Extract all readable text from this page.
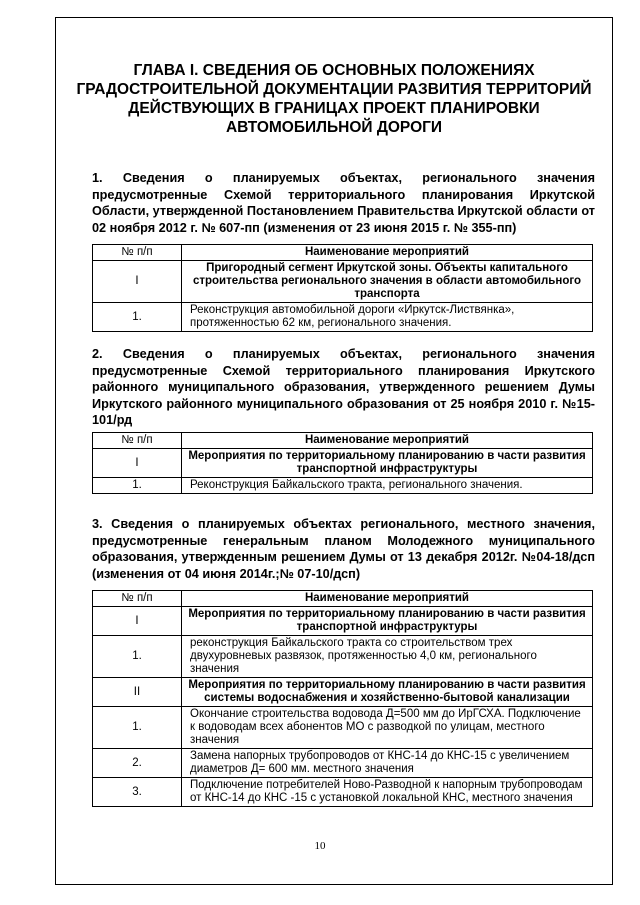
ГЛАВА I. СВЕДЕНИЯ ОБ ОСНОВНЫХ ПОЛОЖЕНИЯХ ГРАДОСТРОИТЕЛЬНОЙ ДОКУМЕНТАЦИИ РАЗВИТИЯ ТЕРРИТОРИЙ ДЕЙСТВУЮЩИХ В ГРАНИЦАХ ПРОЕКТ ПЛАНИРОВКИ АВТОМОБИЛЬНОЙ ДОРОГИ
1. Сведения о планируемых объектах, регионального значения предусмотренные Схемой территориального планирования Иркутской Области, утвержденной Постановлением Правительства Иркутской области от 02 ноября 2012 г. № 607-пп (изменения от 23 июня 2015 г. № 355-пп)
№ п/п	Наименование мероприятий
I	Пригородный сегмент Иркутской зоны. Объекты капитального строительства регионального значения в области автомобильного транспорта
1.	Реконструкция автомобильной дороги «Иркутск-Листвянка», протяженностью 62 км, регионального значения.
2. Сведения о планируемых объектах, регионального значения предусмотренные Схемой территориального планирования Иркутского районного муниципального образования, утвержденного решением Думы Иркутского районного муниципального образования от 25 ноября 2010 г. №15-101/рд
№ п/п	Наименование мероприятий
I	Мероприятия по территориальному планированию в части развития транспортной инфраструктуры
1.	Реконструкция Байкальского тракта, регионального значения.
3. Сведения о планируемых объектах регионального, местного значения, предусмотренные генеральным планом Молодежного муниципального образования, утвержденным решением Думы от 13 декабря 2012г. №04-18/дсп (изменения от 04 июня 2014г.;№ 07-10/дсп)
№ п/п	Наименование мероприятий
I	Мероприятия по территориальному планированию в части развития транспортной инфраструктуры
1.	реконструкция Байкальского тракта со строительством трех двухуровневых развязок, протяженностью 4,0 км, регионального значения
II	Мероприятия по территориальному планированию в части развития системы водоснабжения и хозяйственно-бытовой канализации
1.	Окончание строительства водовода Д=500 мм до ИрГСХА. Подключение к водоводам всех абонентов МО с разводкой по улицам, местного значения
2.	Замена напорных трубопроводов от КНС-14 до КНС-15 с увеличением диаметров Д= 600 мм. местного значения
3.	Подключение потребителей Ново-Разводной к напорным трубопроводам от КНС-14 до КНС -15 с установкой локальной КНС, местного значения
10
